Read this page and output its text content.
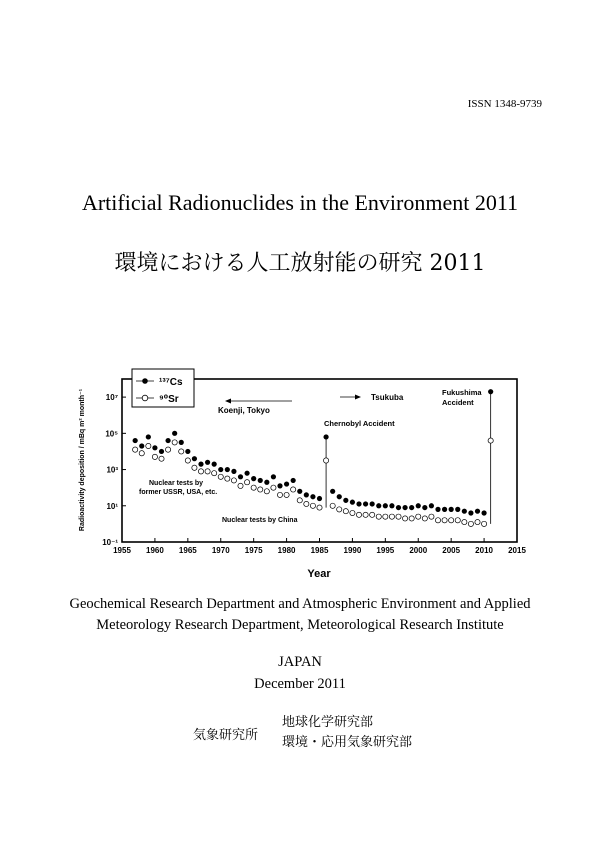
ISSN 1348-9739
Artificial Radionuclides in the Environment 2011
環境における人工放射能の研究 2011
1955 1960 1965 1970 1975 1980 1985 1990 1995 2000 2005 2010 2015
10⁻¹
10¹
10³
10⁵
10⁷
¹³⁷Cs
⁹⁰Sr
Koenji, Tokyo
Tsukuba
Fukushima
Accident
Chernobyl Accident
Nuclear tests by
former USSR, USA, etc.
Nuclear tests by China
Year
Radioactivity deposition / mBq m² month⁻¹
Geochemical Research Department and Atmospheric Environment and Applied
Meteorology Research Department, Meteorological Research Institute
JAPAN
December 2011
気象研究所
地球化学研究部
環境・応用気象研究部
